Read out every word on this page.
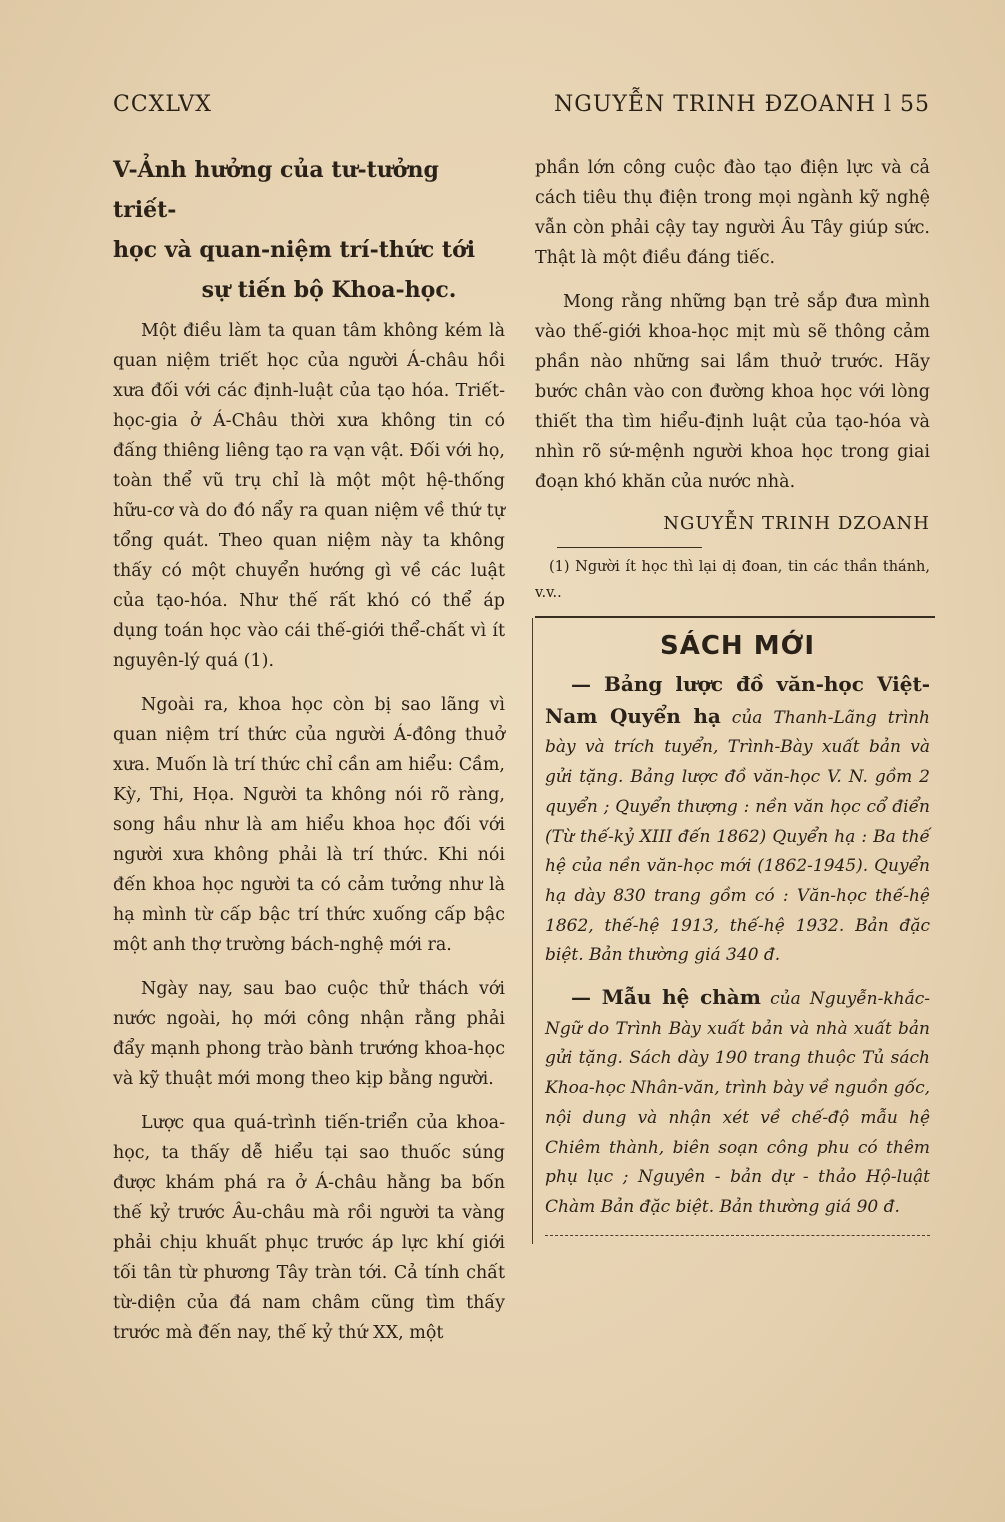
CCXLVX	NGUYỄN TRINH ĐZOANH l 55
V-Ảnh hưởng của tư-tưởng triết-
học và quan-niệm trí-thức tới
sự tiến bộ Khoa-học.

Một điều làm ta quan tâm không kém là quan niệm triết học của người Á-châu hồi xưa đối với các định-luật của tạo hóa. Triết-học-gia ở Á-Châu thời xưa không tin có đấng thiêng liêng tạo ra vạn vật. Đối với họ, toàn thể vũ trụ chỉ là một một hệ-thống hữu-cơ và do đó nẩy ra quan niệm về thứ tự tổng quát. Theo quan niệm này ta không thấy có một chuyển hướng gì về các luật của tạo-hóa. Như thế rất khó có thể áp dụng toán học vào cái thế-giới thể-chất vì ít nguyên-lý quá (1).

Ngoài ra, khoa học còn bị sao lãng vì quan niệm trí thức của người Á-đông thuở xưa. Muốn là trí thức chỉ cần am hiểu: Cầm, Kỳ, Thi, Họa. Người ta không nói rõ ràng, song hầu như là am hiểu khoa học đối với người xưa không phải là trí thức. Khi nói đến khoa học người ta có cảm tưởng như là hạ mình từ cấp bậc trí thức xuống cấp bậc một anh thợ trường bách-nghệ mới ra.

Ngày nay, sau bao cuộc thử thách với nước ngoài, họ mới công nhận rằng phải đẩy mạnh phong trào bành trướng khoa-học và kỹ thuật mới mong theo kịp bằng người.

Lược qua quá-trình tiến-triển của khoa-học, ta thấy dễ hiểu tại sao thuốc súng được khám phá ra ở Á-châu hằng ba bốn thế kỷ trước Âu-châu mà rồi người ta vàng phải chịu khuất phục trước áp lực khí giới tối tân từ phương Tây tràn tới. Cả tính chất từ-diện của đá nam châm cũng tìm thấy trước mà đến nay, thế kỷ thứ XX, một

phần lớn công cuộc đào tạo điện lực và cả cách tiêu thụ điện trong mọi ngành kỹ nghệ vẫn còn phải cậy tay người Âu Tây giúp sức. Thật là một điều đáng tiếc.

Mong rằng những bạn trẻ sắp đưa mình vào thế-giới khoa-học mịt mù sẽ thông cảm phần nào những sai lầm thuở trước. Hãy bước chân vào con đường khoa học với lòng thiết tha tìm hiểu-định luật của tạo-hóa và nhìn rõ sứ-mệnh người khoa học trong giai đoạn khó khăn của nước nhà.

NGUYỄN TRINH DZOANH
(1) Người ít học thì lại dị đoan, tin các thần thánh, v.v..
SÁCH MỚI
— Bảng lược đồ văn-học Việt-Nam Quyển hạ của Thanh-Lãng trình bày và trích tuyển, Trình-Bày xuất bản và gửi tặng. Bảng lược đồ văn-học V. N. gồm 2 quyển ; Quyển thượng : nền văn học cổ điển (Từ thế-kỷ XIII đến 1862) Quyển hạ : Ba thế hệ của nền văn-học mới (1862-1945). Quyển hạ dày 830 trang gồm có : Văn-học thế-hệ 1862, thế-hệ 1913, thế-hệ 1932. Bản đặc biệt. Bản thường giá 340 đ.
— Mẫu hệ chàm của Nguyễn-khắc-Ngữ do Trình Bày xuất bản và nhà xuất bản gửi tặng. Sách dày 190 trang thuộc Tủ sách Khoa-học Nhân-văn, trình bày về nguồn gốc, nội dung và nhận xét về chế-độ mẫu hệ Chiêm thành, biên soạn công phu có thêm phụ lục ; Nguyên - bản dự - thảo Hộ-luật Chàm Bản đặc biệt. Bản thường giá 90 đ.
